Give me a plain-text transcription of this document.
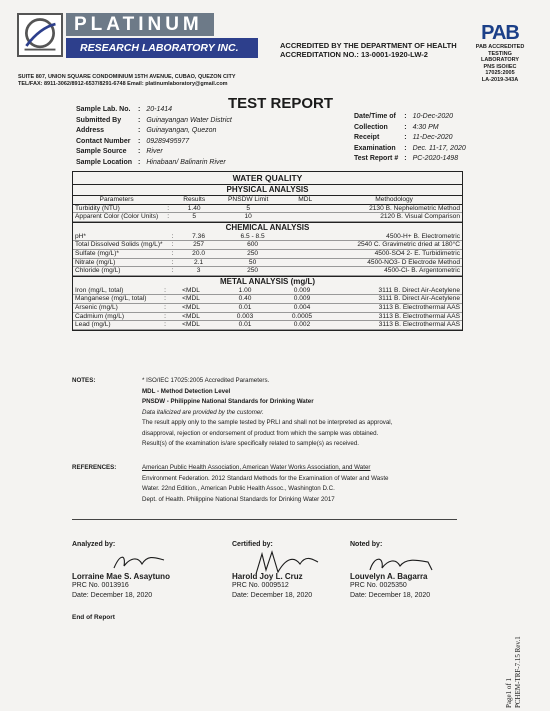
PLATINUM
RESEARCH LABORATORY INC.	ACCREDITED BY THE DEPARTMENT OF HEALTH
ACCREDITATION NO.: 13-0001-1920-LW-2
PAB
PAB ACCREDITED
TESTING
LABORATORY
PNS ISO/IEC
17025:2005
LA-2019-343A
SUITE 807, UNION SQUARE CONDOMINIUM 15TH AVENUE, CUBAO, QUEZON CITY
TEL/FAX: 8911-3062/8912-6537/8291-6748 Email: platinumlaboratory@gmail.com
TEST REPORT
Sample Lab. No.	:	20-1414
Submitted By	:	Guinayangan Water District
Address	:	Guinayangan, Quezon
Contact Number	:	09289495977
Sample Source	:	River
Sample Location	:	Hinabaan/ Balinarin River
Date/Time of	:	10-Dec-2020
Collection	:	4:30 PM
Receipt	:	11-Dec-2020
Examination	:	Dec. 11-17, 2020
Test Report #	:	PC-2020-1498
WATER QUALITY
PHYSICAL ANALYSIS
Parameters		Results	PNSDW Limit	MDL	Methodology
Turbidity (NTU)	:	1.40	5		2130 B. Nephelometric Method
Apparent Color (Color Units)	:	5	10		2120 B. Visual Comparison
CHEMICAL ANALYSIS
pH*	:	7.36	6.5 - 8.5		4500-H+ B. Electrometric
Total Dissolved Solids (mg/L)*	:	257	600		2540 C. Gravimetric dried at 180°C
Sulfate (mg/L)*	:	20.0	250		4500-SO4 2- E. Turbidimetric
Nitrate (mg/L)	:	2.1	50		4500-NO3- D Electrode Method
Chloride (mg/L)	:	3	250		4500-Cl- B. Argentometric
METAL ANALYSIS (mg/L)
Iron (mg/L, total)	:	<MDL	1.00	0.009	3111 B. Direct Air-Acetylene
Manganese (mg/L, total)	:	<MDL	0.40	0.009	3111 B. Direct Air-Acetylene
Arsenic (mg/L)	:	<MDL	0.01	0.004	3113 B. Electrothermal AAS
Cadmium (mg/L)	:	<MDL	0.003	0.0005	3113 B. Electrothermal AAS
Lead (mg/L)	:	<MDL	0.01	0.002	3113 B. Electrothermal AAS
NOTES:	* ISO/IEC 17025:2005 Accredited Parameters.
MDL - Method Detection Level
PNSDW - Philippine National Standards for Drinking Water
Data italicized are provided by the customer.
The result apply only to the sample tested by PRLI and shall not be interpreted as approval,
disapproval, rejection or endorsement of product from which the sample was obtained.
Result(s) of the examination is/are specifically related to sample(s) as received.
REFERENCES:	American Public Health Association, American Water Works Association, and Water
Environment Federation. 2012 Standard Methods for the Examination of Water and Waste
Water. 22nd Edition., American Public Health Assoc., Washington D.C.
Dept. of Health. Philippine National Standards for Drinking Water 2017
Analyzed by:
Lorraine Mae S. Asaytuno
PRC No. 0013916
Date: December 18, 2020
Certified by:
Harold Joy L. Cruz
PRC No. 0009512
Date: December 18, 2020
Noted by:
Louvelyn A. Bagarra
PRC No. 0025350
Date: December 18, 2020
End of Report
Page1 of 1 PCHEM-TRF-7.15 Rev.1
